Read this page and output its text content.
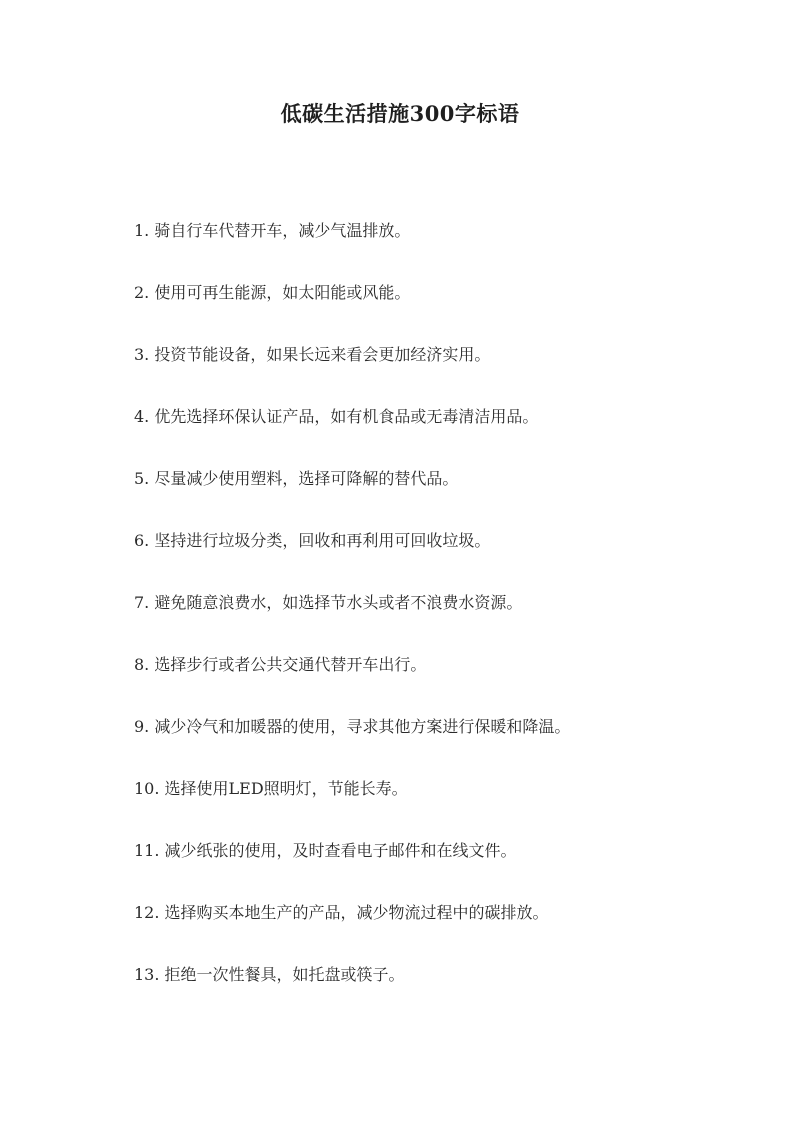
低碳生活措施300字标语
1. 骑自行车代替开车，减少气温排放。
2. 使用可再生能源，如太阳能或风能。
3. 投资节能设备，如果长远来看会更加经济实用。
4. 优先选择环保认证产品，如有机食品或无毒清洁用品。
5. 尽量减少使用塑料，选择可降解的替代品。
6. 坚持进行垃圾分类，回收和再利用可回收垃圾。
7. 避免随意浪费水，如选择节水头或者不浪费水资源。
8. 选择步行或者公共交通代替开车出行。
9. 减少冷气和加暖器的使用，寻求其他方案进行保暖和降温。
10. 选择使用LED照明灯，节能长寿。
11. 减少纸张的使用，及时查看电子邮件和在线文件。
12. 选择购买本地生产的产品，减少物流过程中的碳排放。
13. 拒绝一次性餐具，如托盘或筷子。
